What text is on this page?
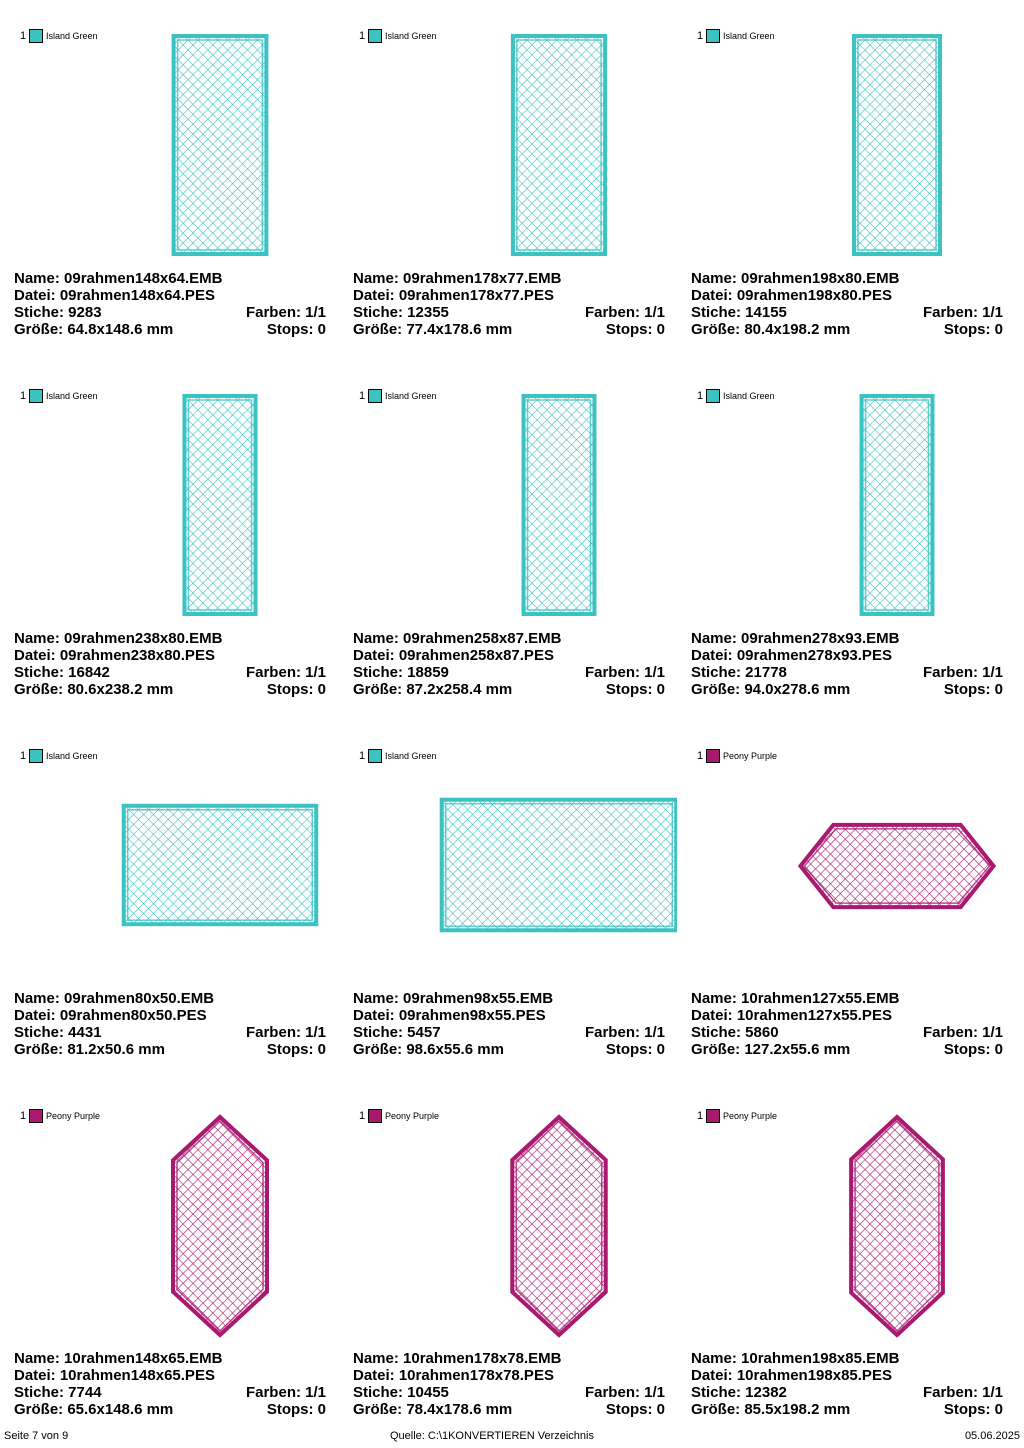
1 Island Green
Name: 09rahmen148x64.EMB
Datei: 09rahmen148x64.PES
Stiche: 9283	Farben: 1/1
Größe: 64.8x148.6 mm	Stops: 0
1 Island Green
Name: 09rahmen178x77.EMB
Datei: 09rahmen178x77.PES
Stiche: 12355	Farben: 1/1
Größe: 77.4x178.6 mm	Stops: 0
1 Island Green
Name: 09rahmen198x80.EMB
Datei: 09rahmen198x80.PES
Stiche: 14155	Farben: 1/1
Größe: 80.4x198.2 mm	Stops: 0
1 Island Green
Name: 09rahmen238x80.EMB
Datei: 09rahmen238x80.PES
Stiche: 16842	Farben: 1/1
Größe: 80.6x238.2 mm	Stops: 0
1 Island Green
Name: 09rahmen258x87.EMB
Datei: 09rahmen258x87.PES
Stiche: 18859	Farben: 1/1
Größe: 87.2x258.4 mm	Stops: 0
1 Island Green
Name: 09rahmen278x93.EMB
Datei: 09rahmen278x93.PES
Stiche: 21778	Farben: 1/1
Größe: 94.0x278.6 mm	Stops: 0
1 Island Green
Name: 09rahmen80x50.EMB
Datei: 09rahmen80x50.PES
Stiche: 4431	Farben: 1/1
Größe: 81.2x50.6 mm	Stops: 0
1 Island Green
Name: 09rahmen98x55.EMB
Datei: 09rahmen98x55.PES
Stiche: 5457	Farben: 1/1
Größe: 98.6x55.6 mm	Stops: 0
1 Peony Purple
Name: 10rahmen127x55.EMB
Datei: 10rahmen127x55.PES
Stiche: 5860	Farben: 1/1
Größe: 127.2x55.6 mm	Stops: 0
1 Peony Purple
Name: 10rahmen148x65.EMB
Datei: 10rahmen148x65.PES
Stiche: 7744	Farben: 1/1
Größe: 65.6x148.6 mm	Stops: 0
1 Peony Purple
Name: 10rahmen178x78.EMB
Datei: 10rahmen178x78.PES
Stiche: 10455	Farben: 1/1
Größe: 78.4x178.6 mm	Stops: 0
1 Peony Purple
Name: 10rahmen198x85.EMB
Datei: 10rahmen198x85.PES
Stiche: 12382	Farben: 1/1
Größe: 85.5x198.2 mm	Stops: 0
Seite 7 von 9	Quelle: C:\1KONVERTIEREN Verzeichnis	05.06.2025
